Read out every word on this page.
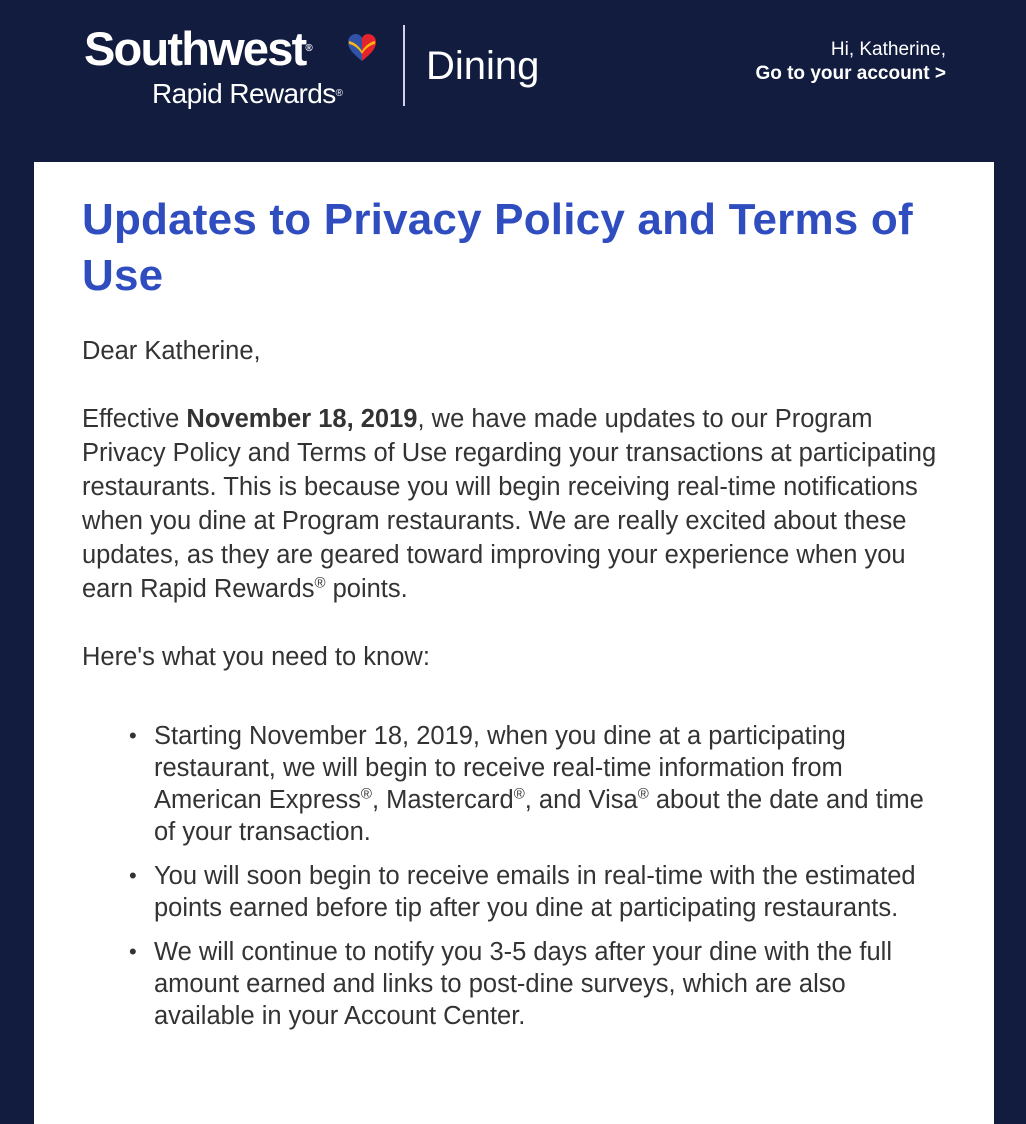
Southwest®
Rapid Rewards®
Dining	Hi, Katherine,
Go to your account >
Updates to Privacy Policy and Terms of Use

Dear Katherine,

Effective November 18, 2019, we have made updates to our Program Privacy Policy and Terms of Use regarding your transactions at participating restaurants. This is because you will begin receiving real-time notifications when you dine at Program restaurants. We are really excited about these updates, as they are geared toward improving your experience when you earn Rapid Rewards® points.

Here's what you need to know:

• Starting November 18, 2019, when you dine at a participating restaurant, we will begin to receive real-time information from American Express®, Mastercard®, and Visa® about the date and time of your transaction.
• You will soon begin to receive emails in real-time with the estimated points earned before tip after you dine at participating restaurants.
• We will continue to notify you 3-5 days after your dine with the full amount earned and links to post-dine surveys, which are also available in your Account Center.
